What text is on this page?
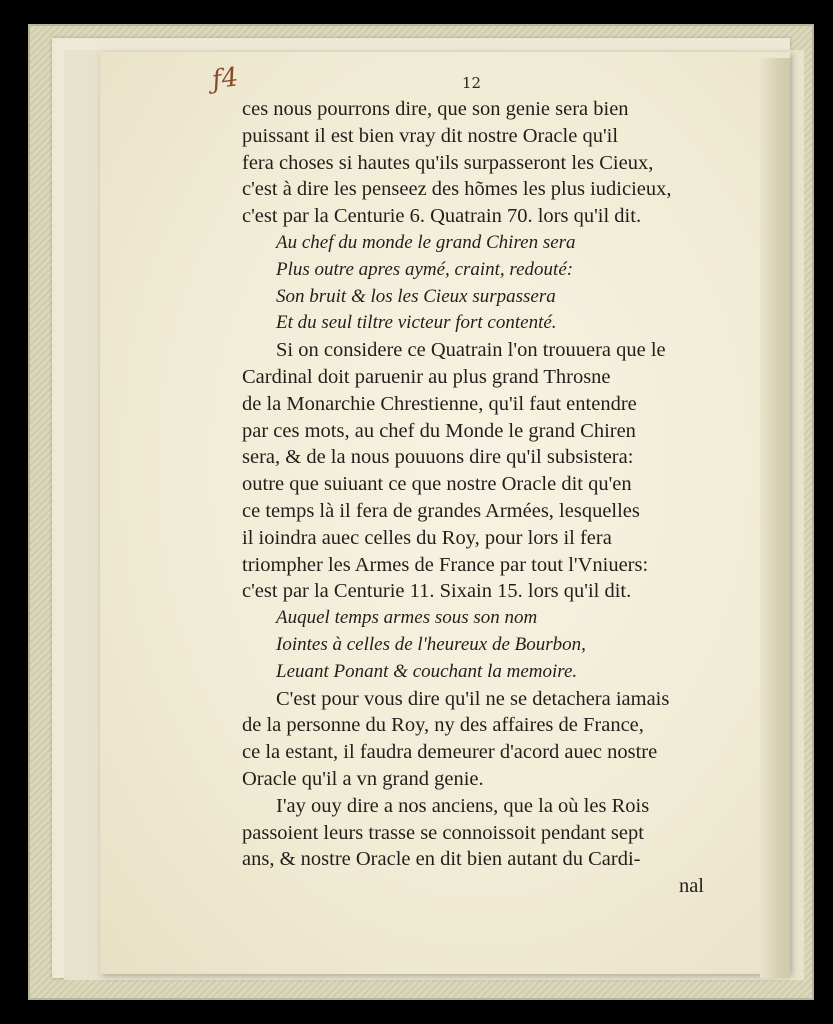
ƒ4	12
ces nous pourrons dire, que son genie sera bien
puissant il est bien vray dit nostre Oracle qu'il
fera choses si hautes qu'ils surpasseront les Cieux,
c'est à dire les penseez des hõmes les plus iudicieux,
c'est par la Centurie 6. Quatrain 70. lors qu'il dit.
Au chef du monde le grand Chiren sera
Plus outre apres aymé, craint, redouté:
Son bruit & los les Cieux surpassera
Et du seul tiltre victeur fort contenté.
Si on considere ce Quatrain l'on trouuera que le
Cardinal doit paruenir au plus grand Throsne
de la Monarchie Chrestienne, qu'il faut entendre
par ces mots, au chef du Monde le grand Chiren
sera, & de la nous pouuons dire qu'il subsistera:
outre que suiuant ce que nostre Oracle dit qu'en
ce temps là il fera de grandes Armées, lesquelles
il ioindra auec celles du Roy, pour lors il fera
triompher les Armes de France par tout l'Vniuers:
c'est par la Centurie 11. Sixain 15. lors qu'il dit.
Auquel temps armes sous son nom
Iointes à celles de l'heureux de Bourbon,
Leuant Ponant & couchant la memoire.
C'est pour vous dire qu'il ne se detachera iamais
de la personne du Roy, ny des affaires de France,
ce la estant, il faudra demeurer d'acord auec nostre
Oracle qu'il a vn grand genie.
I'ay ouy dire a nos anciens, que la où les Rois
passoient leurs trasse se connoissoit pendant sept
ans, & nostre Oracle en dit bien autant du Cardi-
nal
